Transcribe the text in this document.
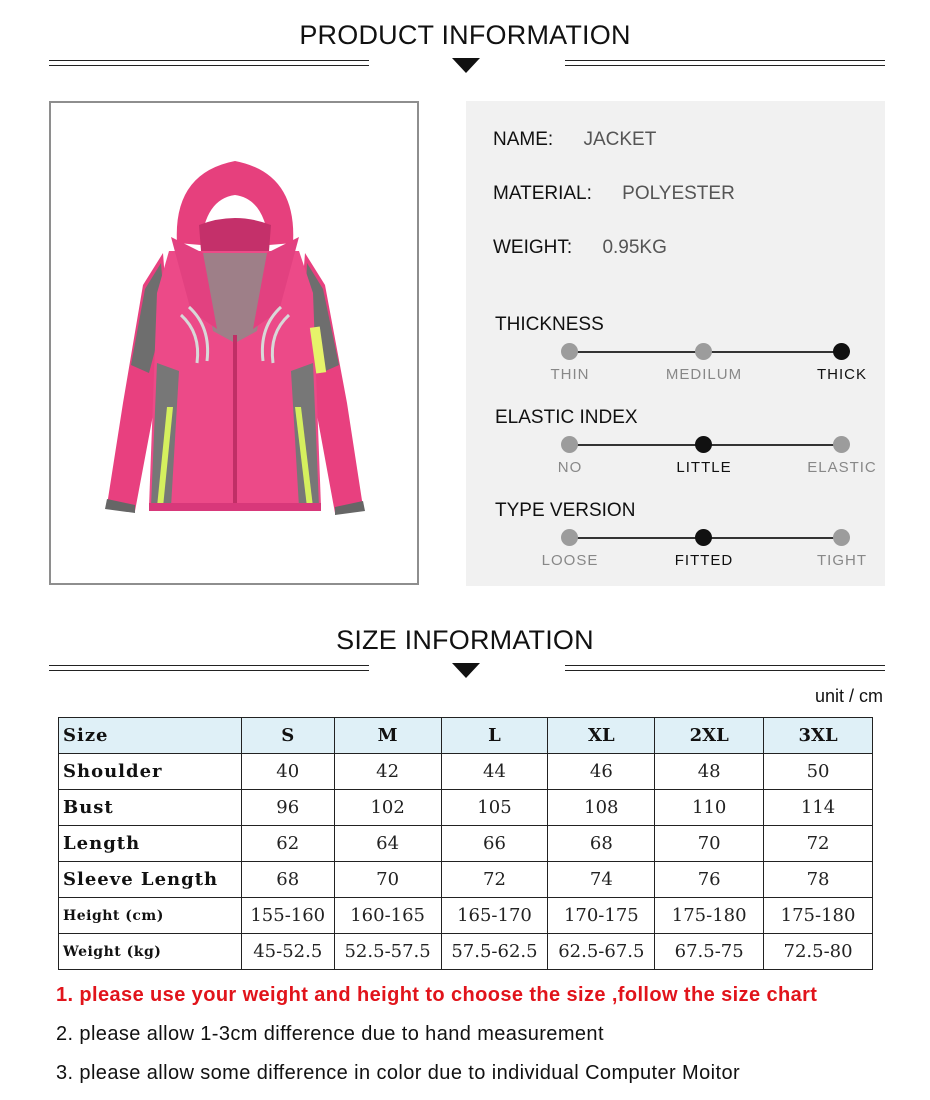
PRODUCT INFORMATION
NAME: JACKET
MATERIAL: POLYESTER
WEIGHT: 0.95KG
THICKNESS
THIN	MEDILUM	THICK
ELASTIC INDEX
NO	LITTLE	ELASTIC
TYPE VERSION
LOOSE	FITTED	TIGHT
SIZE INFORMATION
unit / cm
Size	S	M	L	XL	2XL	3XL
Shoulder	40	42	44	46	48	50
Bust	96	102	105	108	110	114
Length	62	64	66	68	70	72
Sleeve Length	68	70	72	74	76	78
Height (cm)	155-160	160-165	165-170	170-175	175-180	175-180
Weight (kg)	45-52.5	52.5-57.5	57.5-62.5	62.5-67.5	67.5-75	72.5-80
1. please use your weight and height to choose the size ,follow the size chart
2. please allow 1-3cm difference due to hand measurement
3. please allow some difference in color due to individual Computer Moitor
